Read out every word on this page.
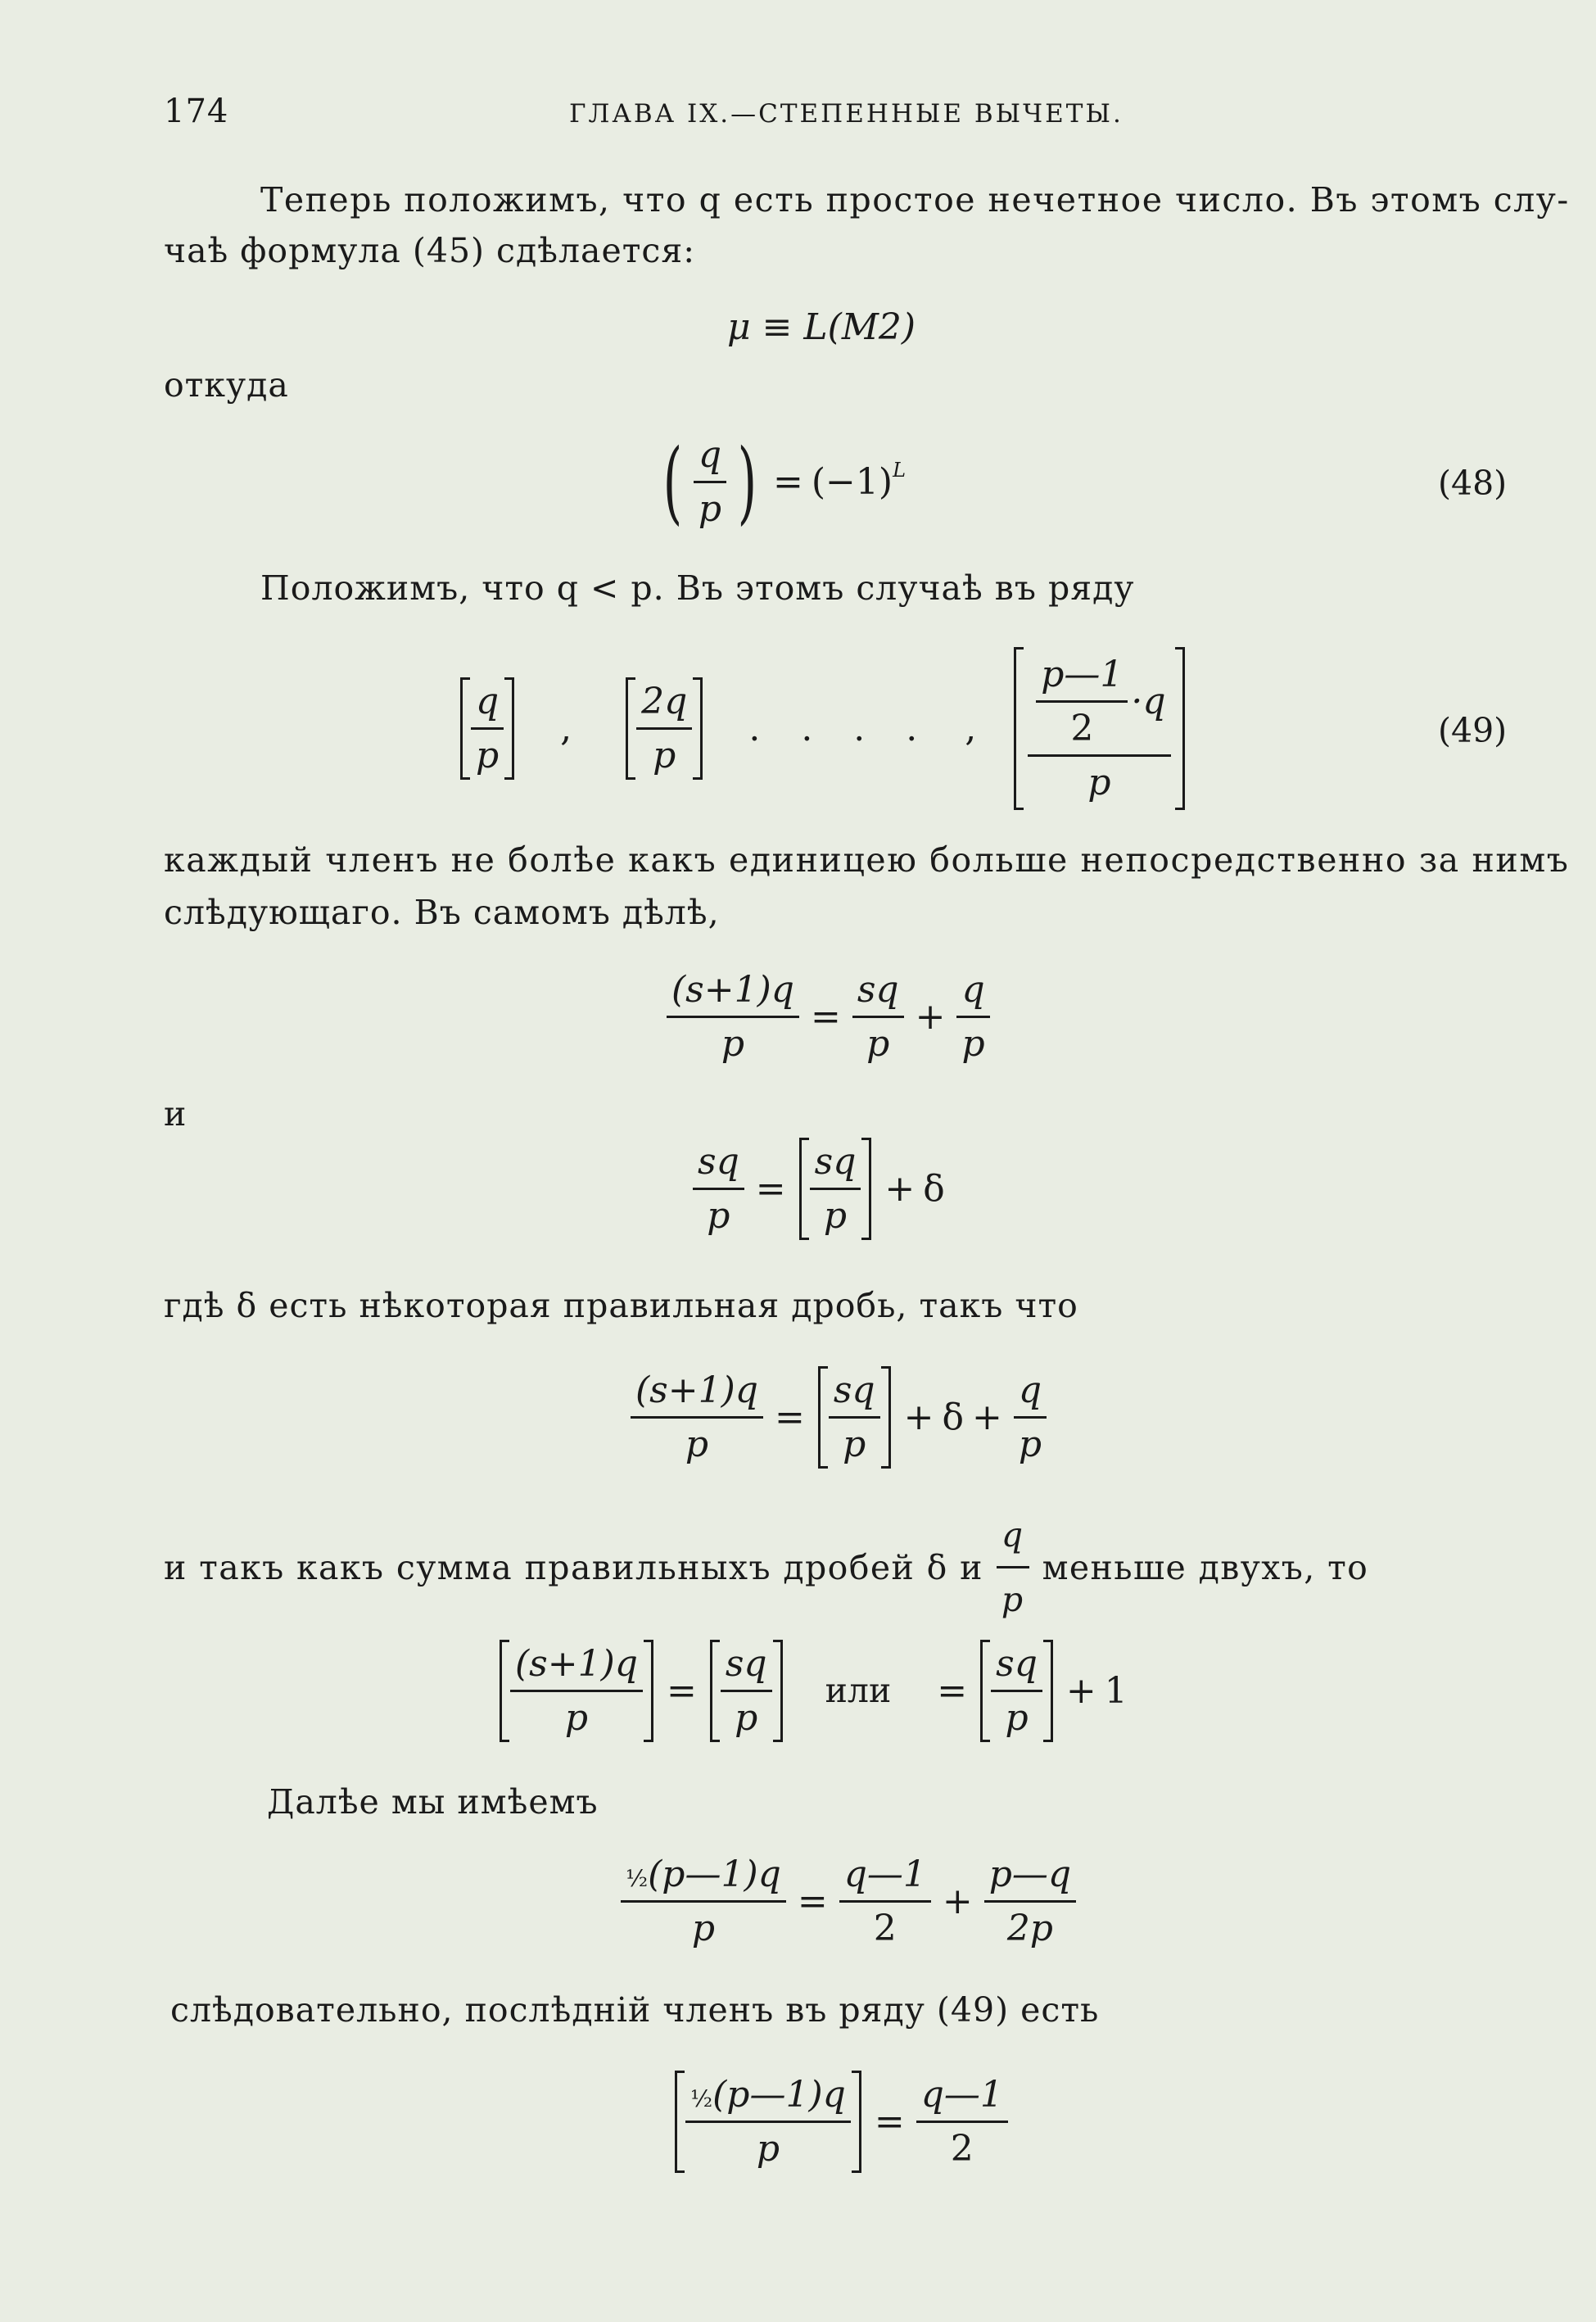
174	ГЛАВА IX.—СТЕПЕННЫЕ ВЫЧЕТЫ.
Теперь положимъ, что q есть простое нечетное число. Въ этомъ слу-
чаѣ формула (45) сдѣлается:
μ ≡ L(M2)
откуда
( $\frac{q}{p}$ ) = $(-1)^L$	(48)
Положимъ, что q < p. Въ этомъ случаѣ въ ряду
$\frac{q}{p}$ , $\frac{2q}{p}$ . . . . , $\frac{\frac{p—1}{2} \cdot q}{p}$	(49)
каждый членъ не болѣе какъ единицею больше непосредственно за нимъ
слѣдующаго. Въ самомъ дѣлѣ,
$\frac{(s+1)q}{p} = \frac{sq}{p} + \frac{q}{p}$
и
$\frac{sq}{p} = \frac{sq}{p} + \delta$
гдѣ δ есть нѣкоторая правильная дробь, такъ что
$\frac{(s+1)q}{p} = \frac{sq}{p} + \delta + \frac{q}{p}$
и такъ какъ сумма правильныхъ дробей δ и $\frac{q}{p}$ меньше двухъ, то
$\frac{(s+1)q}{p} = \frac{sq}{p}$ или = $\frac{sq}{p} + 1$
Далѣе мы имѣемъ
$\frac{\text{½(p—1)q}}{p} = \frac{q—1}{2} + \frac{p—q}{2p}$
слѣдовательно, послѣднiй членъ въ ряду (49) есть
$\frac{\text{½(p—1)q}}{p} = \frac{q—1}{2}$
